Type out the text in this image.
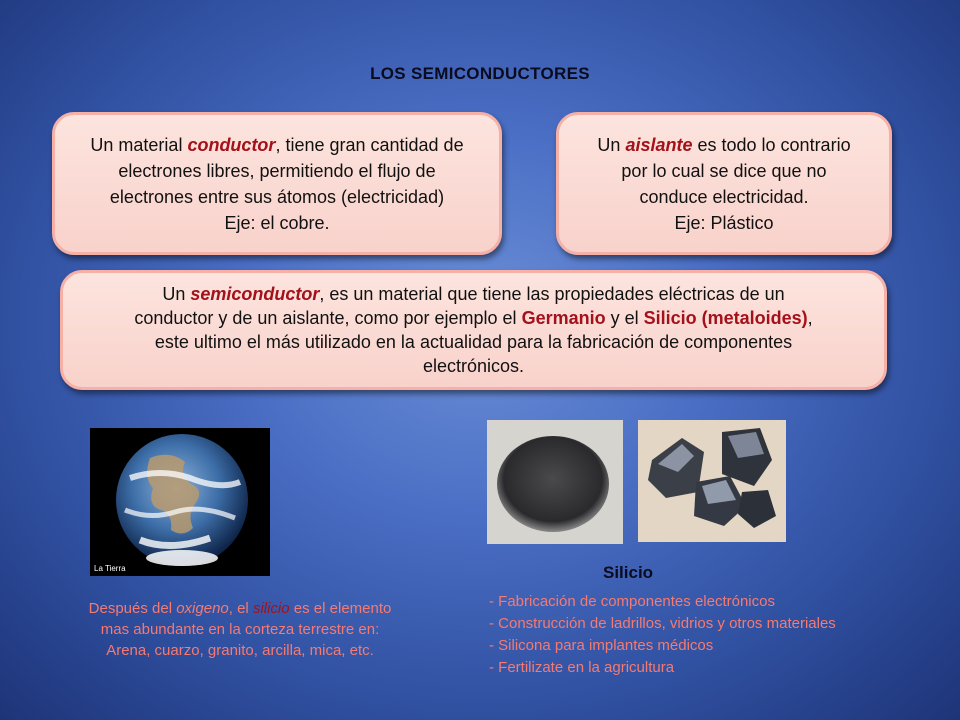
LOS SEMICONDUCTORES
Un material conductor, tiene gran cantidad de
electrones libres, permitiendo el flujo de
electrones entre sus átomos (electricidad)
Eje: el cobre.
Un aislante es todo lo contrario
por lo cual se dice que no
conduce electricidad.
Eje: Plástico
Un semiconductor, es un material que tiene las propiedades eléctricas de un
conductor y de un aislante, como por ejemplo el Germanio y el Silicio (metaloides),
este ultimo el más utilizado en la actualidad para la fabricación de componentes
electrónicos.
La Tierra
Después del oxigeno, el silicio es el elemento
mas abundante en la corteza terrestre en:
Arena, cuarzo, granito, arcilla, mica, etc.
Silicio
- Fabricación de componentes electrónicos
- Construcción de ladrillos, vidrios y otros materiales
- Silicona para implantes médicos
- Fertilizate en la agricultura
